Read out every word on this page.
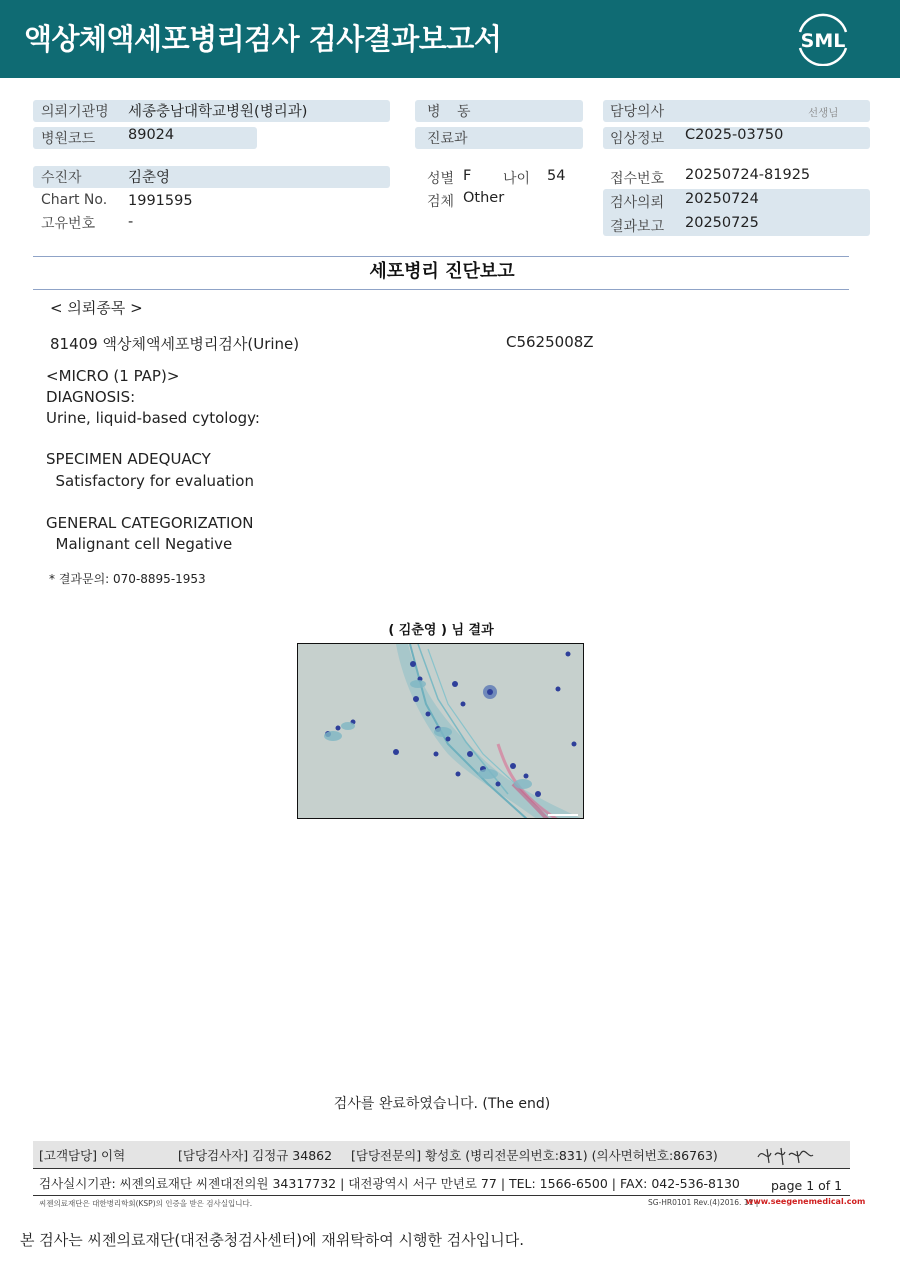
액상체액세포병리검사 검사결과보고서	SML
의뢰기관명 세종충남대학교병원(병리과)
병원코드 89024
수진자	김춘영
Chart No. 1991595
고유번호 -
병 동
진료과
성별 F 나이 54
검체 Other
담당의사	선생님
임상정보 C2025-03750
접수번호 20250724-81925
검사의뢰 20250724
결과보고 20250725
세포병리 진단보고
< 의뢰종목 >
81409 액상체액세포병리검사(Urine)	C5625008Z
<MICRO (1 PAP)>
DIAGNOSIS:
Urine, liquid-based cytology:
SPECIMEN ADEQUACY
Satisfactory for evaluation
GENERAL CATEGORIZATION
Malignant cell Negative
* 결과문의: 070-8895-1953
( 김춘영 ) 님 결과
검사를 완료하였습니다. (The end)
[고객담당] 이혁	[담당검사자] 김정규 34862 [담당전문의] 황성호 (병리전문의번호:831) (의사면허번호:86763)
검사실시기관: 씨젠의료재단 씨젠대전의원 34317732 | 대전광역시 서구 만년로 77 | TEL: 1566-6500 | FAX: 042-536-8130 page 1 of 1
씨젠의료재단은 대한병리학회(KSP)의 인증을 받은 검사실입니다.	SG-HR0101 Rev.(4)2016. 11 |
www.seegenemedical.com
본 검사는 씨젠의료재단(대전충청검사센터)에 재위탁하여 시행한 검사입니다.
